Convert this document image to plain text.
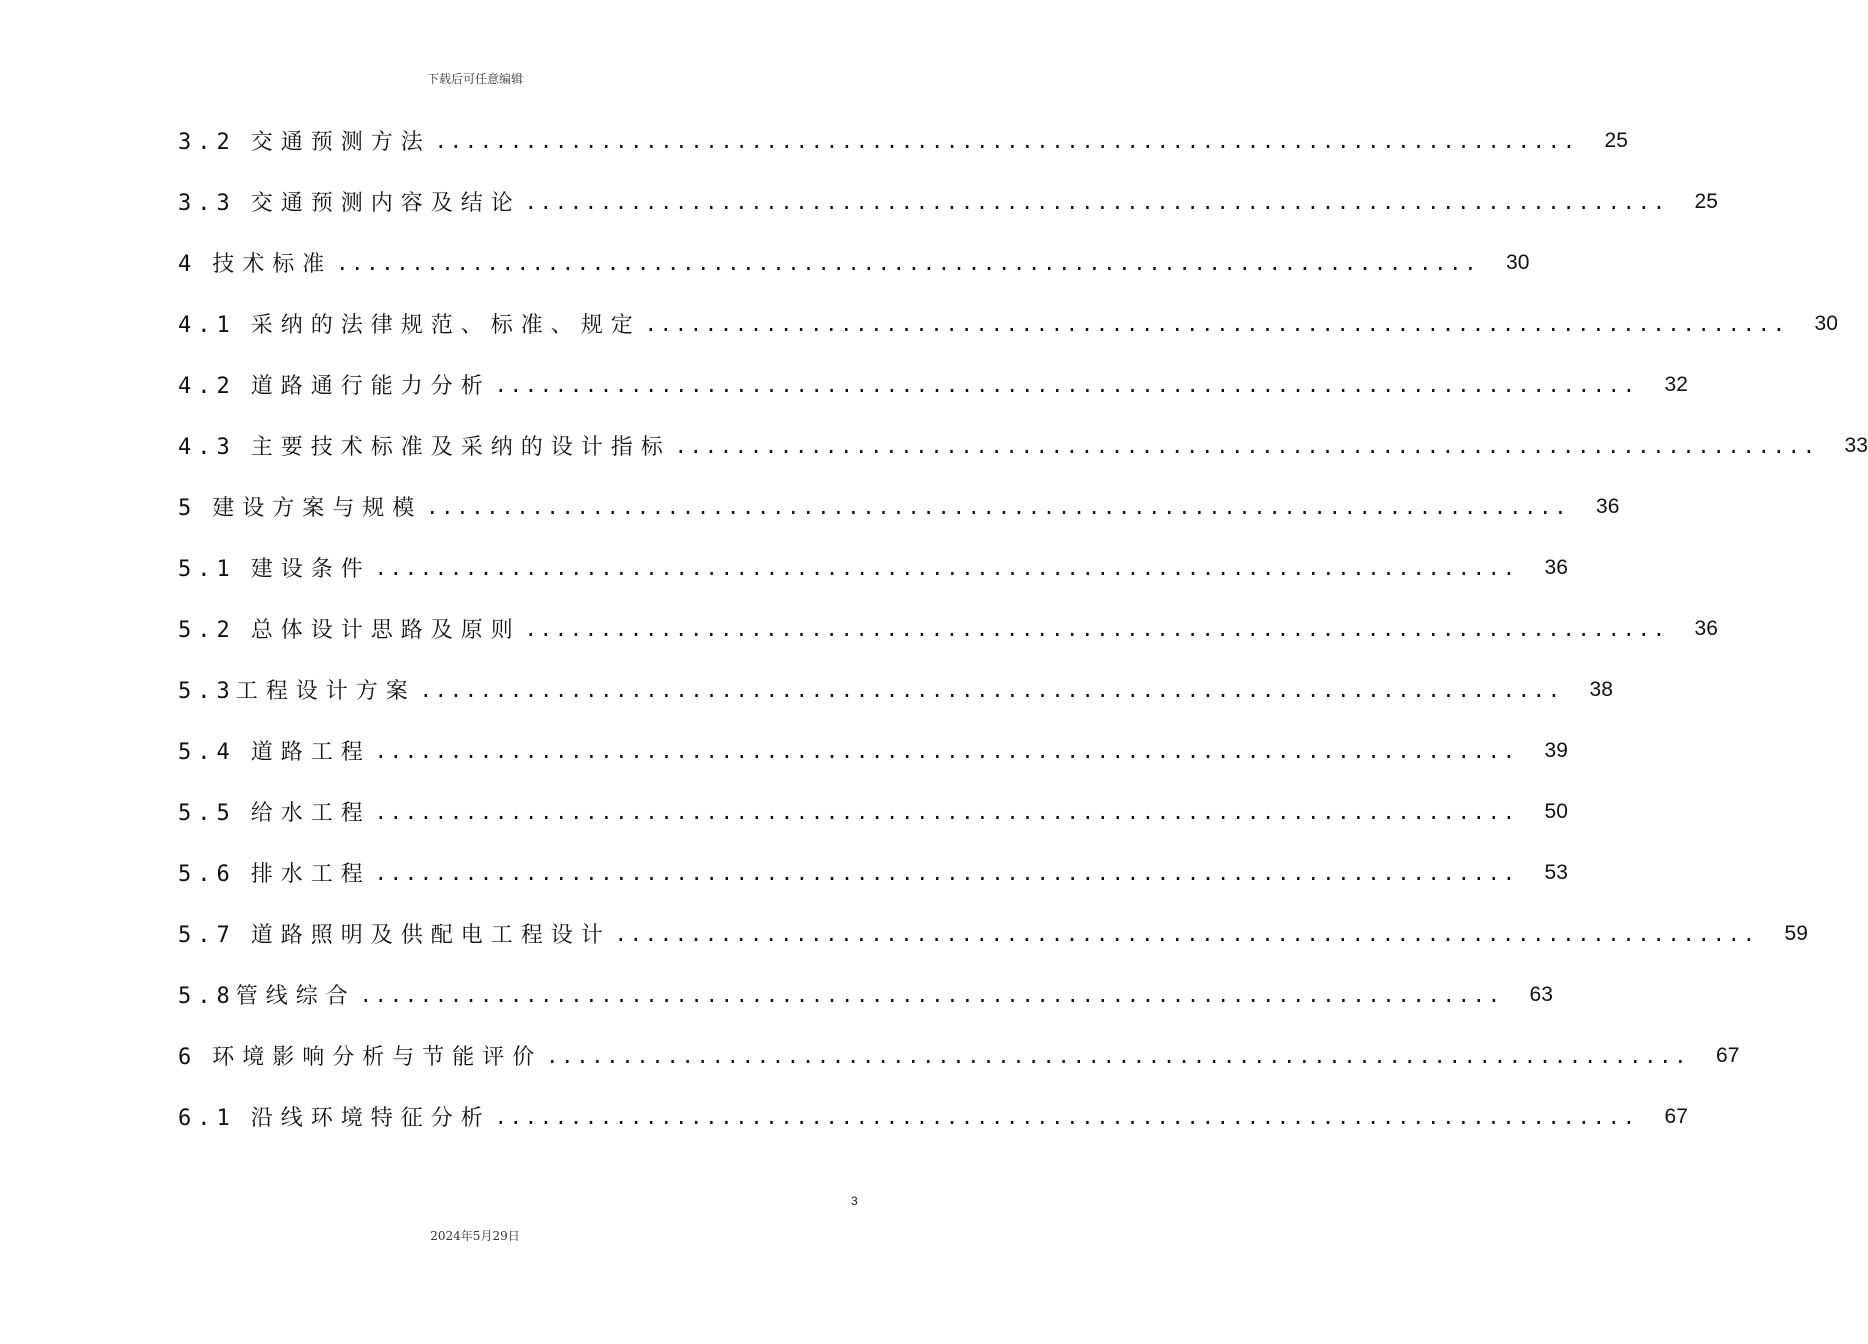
下载后可任意编辑
3.2 交通预测方法 ............................................................................ 25
3.3 交通预测内容及结论 ............................................................................ 25
4 技术标准 ............................................................................ 30
4.1 采纳的法律规范、标准、规定 ............................................................................ 30
4.2 道路通行能力分析 ............................................................................ 32
4.3 主要技术标准及采纳的设计指标 ............................................................................ 33
5 建设方案与规模 ............................................................................ 36
5.1 建设条件 ............................................................................ 36
5.2 总体设计思路及原则 ............................................................................ 36
5.3工程设计方案 ............................................................................ 38
5.4 道路工程 ............................................................................ 39
5.5 给水工程 ............................................................................ 50
5.6 排水工程 ............................................................................ 53
5.7 道路照明及供配电工程设计 ............................................................................ 59
5.8管线综合 ............................................................................ 63
6 环境影响分析与节能评价 ............................................................................ 67
6.1 沿线环境特征分析 ............................................................................ 67
3
2024年5月29日
